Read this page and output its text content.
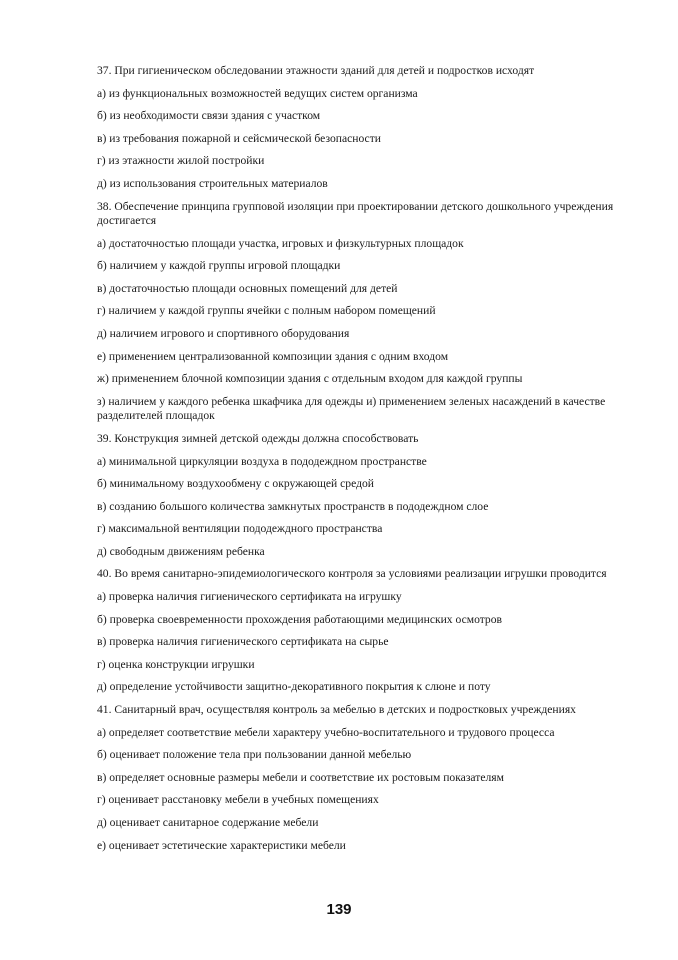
37. При гигиеническом обследовании этажности зданий для детей и подростков исходят

а) из функциональных возможностей ведущих систем организма

б) из необходимости связи здания с участком

в) из требования пожарной и сейсмической безопасности

г) из этажности жилой постройки

д) из использования строительных материалов

38. Обеспечение принципа групповой изоляции при проектировании детского дошкольного учреждения достигается

а) достаточностью площади участка, игровых и физкультурных площадок

б) наличием у каждой группы игровой площадки

в) достаточностью площади основных помещений для детей

г) наличием у каждой группы ячейки с полным набором помещений

д) наличием игрового и спортивного оборудования

е) применением централизованной композиции здания с одним входом

ж) применением блочной композиции здания с отдельным входом для каждой группы

з) наличием у каждого ребенка шкафчика для одежды и) применением зеленых насаждений в качестве разделителей площадок

39. Конструкция зимней детской одежды должна способствовать

а) минимальной циркуляции воздуха в пододеждном пространстве

б) минимальному воздухообмену с окружающей средой

в) созданию большого количества замкнутых пространств в пододеждном слое

г) максимальной вентиляции пододеждного пространства

д) свободным движениям ребенка

40. Во время санитарно-эпидемиологического контроля за условиями реализации игрушки проводится

а) проверка наличия гигиенического сертификата на игрушку

б) проверка своевременности прохождения работающими медицинских осмотров

в) проверка наличия гигиенического сертификата на сырье

г) оценка конструкции игрушки

д) определение устойчивости защитно-декоративного покрытия к слюне и поту

41. Санитарный врач, осуществляя контроль за мебелью в детских и подростковых учреждениях

а) определяет соответствие мебели характеру учебно-воспитательного и трудового процесса

б) оценивает положение тела при пользовании данной мебелью

в) определяет основные размеры мебели и соответствие их ростовым показателям

г) оценивает расстановку мебели в учебных помещениях

д) оценивает санитарное содержание мебели

е) оценивает эстетические характеристики мебели

139
